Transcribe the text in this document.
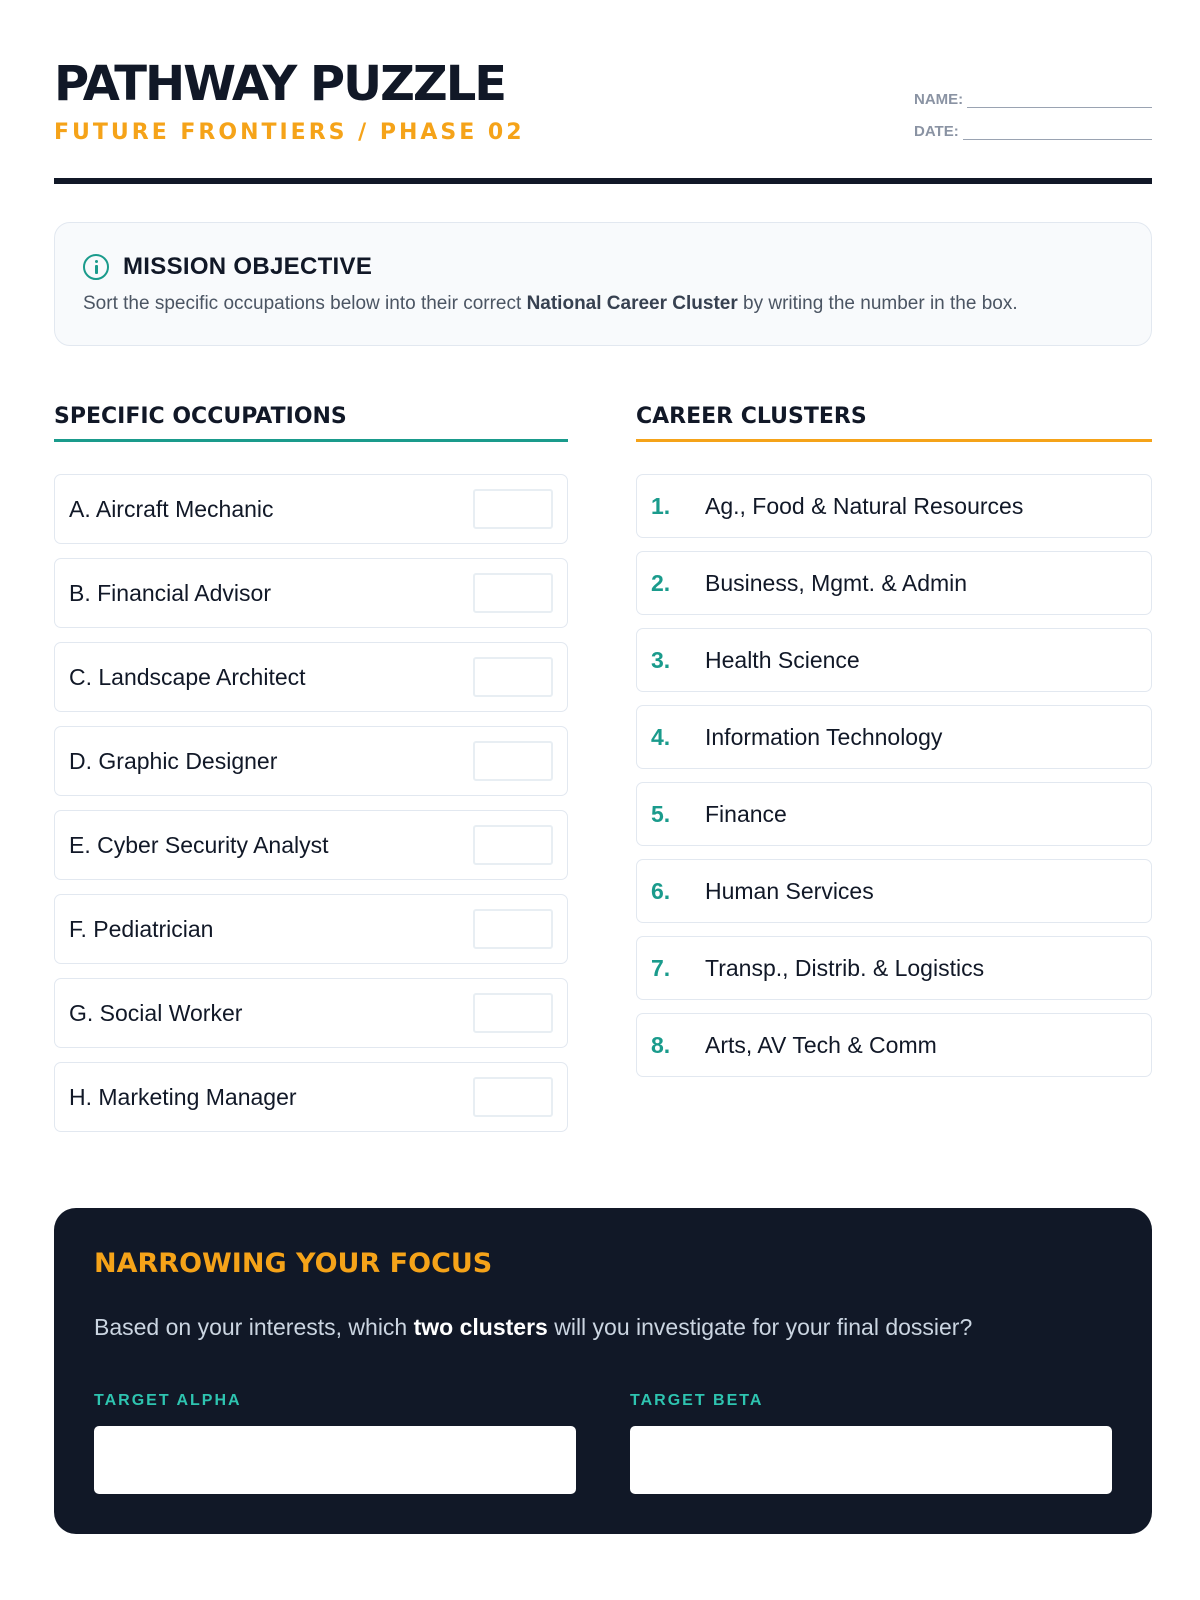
PATHWAY PUZZLE
FUTURE FRONTIERS / PHASE 02
NAME:
DATE:
MISSION OBJECTIVE
Sort the specific occupations below into their correct National Career Cluster by writing the number in the box.
SPECIFIC OCCUPATIONS	CAREER CLUSTERS
A. Aircraft Mechanic
B. Financial Advisor
C. Landscape Architect
D. Graphic Designer
E. Cyber Security Analyst
F. Pediatrician
G. Social Worker
H. Marketing Manager
1. Ag., Food & Natural Resources
2. Business, Mgmt. & Admin
3. Health Science
4. Information Technology
5. Finance
6. Human Services
7. Transp., Distrib. & Logistics
8. Arts, AV Tech & Comm
NARROWING YOUR FOCUS
Based on your interests, which two clusters will you investigate for your final dossier?
TARGET ALPHA	TARGET BETA
